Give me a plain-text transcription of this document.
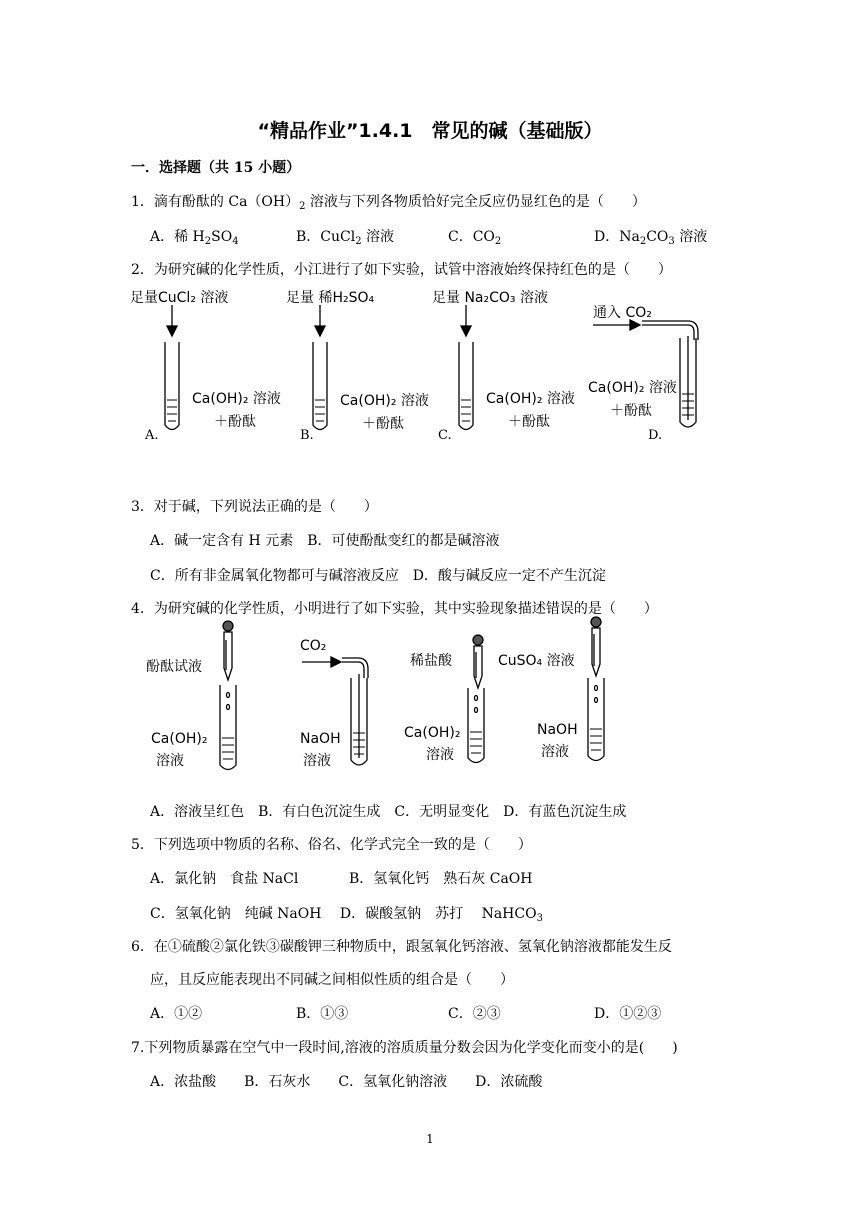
“精品作业”1.4.1　常见的碱（基础版）
一．选择题（共 15 小题）
1．滴有酚酞的 $Ca(OH)_2$ 溶液与下列各物质恰好完全反应仍显红色的是（　　）
A．稀 $H_2SO_4$	B．CuCl$_2$ 溶液	C．$CO_2$	D．$Na_2CO_3$ 溶液
2．为研究碱的化学性质，小江进行了如下实验，试管中溶液始终保持红色的是（　　）
足量CuCl₂ 溶液	足量 稀H₂SO₄	足量 Na₂CO₃ 溶液
通入 CO₂
Ca(OH)₂ 溶液
＋酚酞
Ca(OH)₂ 溶液
＋酚酞
Ca(OH)₂ 溶液
＋酚酞
Ca(OH)₂ 溶液
＋酚酞
A.	B.	C.	D.
3．对于碱，下列说法正确的是（　　）
A．碱一定含有 H 元素　B．可使酚酞变红的都是碱溶液
C．所有非金属氧化物都可与碱溶液反应　D．酸与碱反应一定不产生沉淀
4．为研究碱的化学性质，小明进行了如下实验，其中实验现象描述错误的是（　　）
酚酞试液
CO₂
稀盐酸	CuSO₄ 溶液
Ca(OH)₂
溶液
NaOH
溶液
Ca(OH)₂
溶液
NaOH
溶液
A．溶液呈红色　B．有白色沉淀生成　C．无明显变化　D．有蓝色沉淀生成
5．下列选项中物质的名称、俗名、化学式完全一致的是（　　）
A．氯化钠　食盐 NaCl	B．氢氧化钙　熟石灰 CaOH
C．氢氧化钠　纯碱 NaOH　 D．碳酸氢钠　苏打　 NaHCO$_3$
6．在①硫酸②氯化铁③碳酸钾三种物质中，跟氢氧化钙溶液、氢氧化钠溶液都能发生反
应，且反应能表现出不同碱之间相似性质的组合是（　　）
A．①②	B．①③	C．②③	D．①②③
7.下列物质暴露在空气中一段时间,溶液的溶质质量分数会因为化学变化而变小的是(　　)
A．浓盐酸　　B．石灰水　　C．氢氧化钠溶液　　D．浓硫酸
1
